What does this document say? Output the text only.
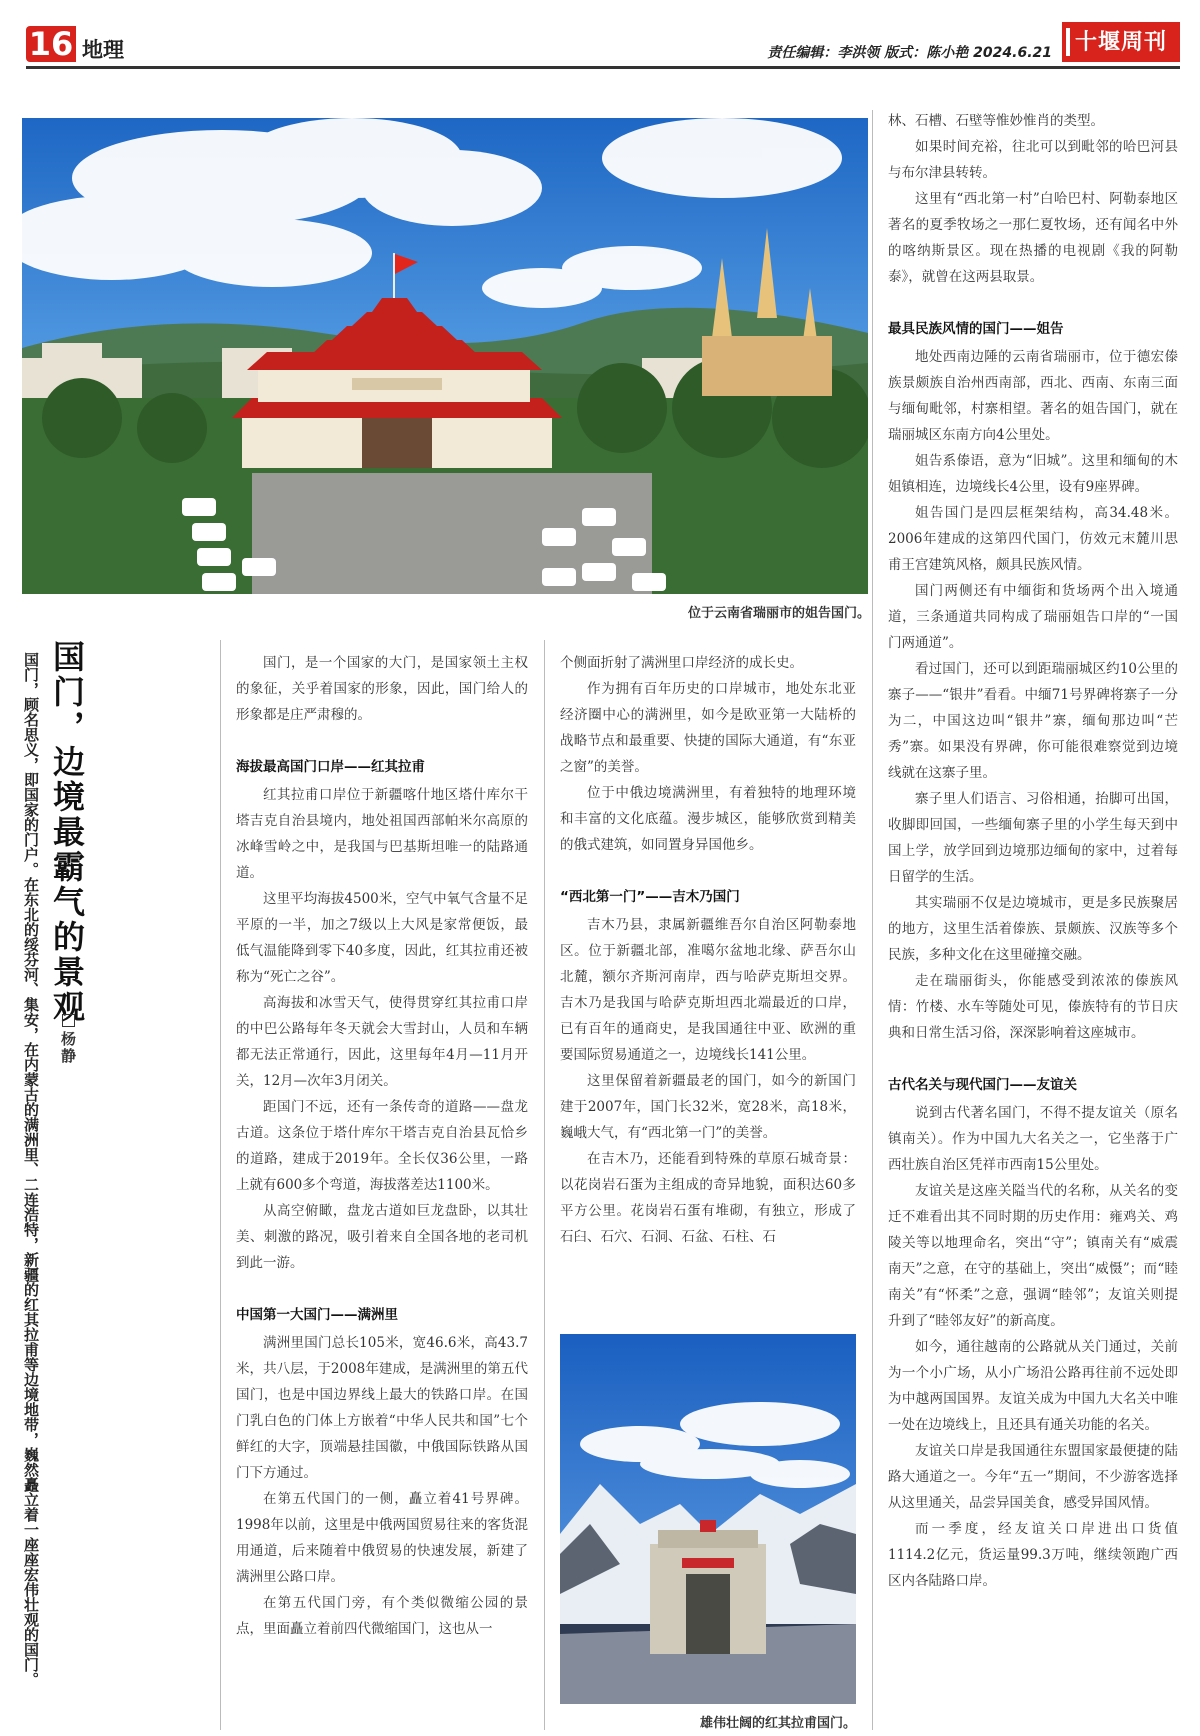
16 地理	责任编辑：李洪领 版式：陈小艳 2024.6.21	十堰周刊
位于云南省瑞丽市的姐告国门。
国门，边境最霸气的景观
杨静
国门，顾名思义，即国家的门户。在东北的绥芬河、集安，在内蒙古的满洲里、二连浩特，新疆的红其拉甫等边境地带，巍然矗立着一座座宏伟壮观的国门。	国门，是一个国家的大门，是国家领土主权的象征，关乎着国家的形象，因此，国门给人的形象都是庄严肃穆的。

海拔最高国门口岸——红其拉甫

红其拉甫口岸位于新疆喀什地区塔什库尔干塔吉克自治县境内，地处祖国西部帕米尔高原的冰峰雪岭之中，是我国与巴基斯坦唯一的陆路通道。

这里平均海拔4500米，空气中氧气含量不足平原的一半，加之7级以上大风是家常便饭，最低气温能降到零下40多度，因此，红其拉甫还被称为“死亡之谷”。

高海拔和冰雪天气，使得贯穿红其拉甫口岸的中巴公路每年冬天就会大雪封山，人员和车辆都无法正常通行，因此，这里每年4月—11月开关，12月—次年3月闭关。

距国门不远，还有一条传奇的道路——盘龙古道。这条位于塔什库尔干塔吉克自治县瓦恰乡的道路，建成于2019年。全长仅36公里，一路上就有600多个弯道，海拔落差达1100米。

从高空俯瞰，盘龙古道如巨龙盘卧，以其壮美、刺激的路况，吸引着来自全国各地的老司机到此一游。

中国第一大国门——满洲里

满洲里国门总长105米，宽46.6米，高43.7米，共八层，于2008年建成，是满洲里的第五代国门，也是中国边界线上最大的铁路口岸。在国门乳白色的门体上方嵌着“中华人民共和国”七个鲜红的大字，顶端悬挂国徽，中俄国际铁路从国门下方通过。

在第五代国门的一侧，矗立着41号界碑。1998年以前，这里是中俄两国贸易往来的客货混用通道，后来随着中俄贸易的快速发展，新建了满洲里公路口岸。

在第五代国门旁，有个类似微缩公园的景点，里面矗立着前四代微缩国门，这也从一

个侧面折射了满洲里口岸经济的成长史。

作为拥有百年历史的口岸城市，地处东北亚经济圈中心的满洲里，如今是欧亚第一大陆桥的战略节点和最重要、快捷的国际大通道，有“东亚之窗”的美誉。

位于中俄边境满洲里，有着独特的地理环境和丰富的文化底蕴。漫步城区，能够欣赏到精美的俄式建筑，如同置身异国他乡。

“西北第一门”——吉木乃国门

吉木乃县，隶属新疆维吾尔自治区阿勒泰地区。位于新疆北部，准噶尔盆地北缘、萨吾尔山北麓，额尔齐斯河南岸，西与哈萨克斯坦交界。吉木乃是我国与哈萨克斯坦西北端最近的口岸，已有百年的通商史，是我国通往中亚、欧洲的重要国际贸易通道之一，边境线长141公里。

这里保留着新疆最老的国门，如今的新国门建于2007年，国门长32米，宽28米，高18米，巍峨大气，有“西北第一门”的美誉。

在吉木乃，还能看到特殊的草原石城奇景：以花岗岩石蛋为主组成的奇异地貌，面积达60多平方公里。花岗岩石蛋有堆砌，有独立，形成了石臼、石穴、石洞、石盆、石柱、石

雄伟壮阔的红其拉甫国门。

林、石槽、石壁等惟妙惟肖的类型。

如果时间充裕，往北可以到毗邻的哈巴河县与布尔津县转转。

这里有“西北第一村”白哈巴村、阿勒泰地区著名的夏季牧场之一那仁夏牧场，还有闻名中外的喀纳斯景区。现在热播的电视剧《我的阿勒泰》，就曾在这两县取景。

最具民族风情的国门——姐告

地处西南边陲的云南省瑞丽市，位于德宏傣族景颇族自治州西南部，西北、西南、东南三面与缅甸毗邻，村寨相望。著名的姐告国门，就在瑞丽城区东南方向4公里处。

姐告系傣语，意为“旧城”。这里和缅甸的木姐镇相连，边境线长4公里，设有9座界碑。

姐告国门是四层框架结构，高34.48米。2006年建成的这第四代国门，仿效元末麓川思甫王宫建筑风格，颇具民族风情。

国门两侧还有中缅街和货场两个出入境通道，三条通道共同构成了瑞丽姐告口岸的“一国门两通道”。

看过国门，还可以到距瑞丽城区约10公里的寨子——“银井”看看。中缅71号界碑将寨子一分为二，中国这边叫“银井”寨，缅甸那边叫“芒秀”寨。如果没有界碑，你可能很难察觉到边境线就在这寨子里。

寨子里人们语言、习俗相通，抬脚可出国，收脚即回国，一些缅甸寨子里的小学生每天到中国上学，放学回到边境那边缅甸的家中，过着每日留学的生活。

其实瑞丽不仅是边境城市，更是多民族聚居的地方，这里生活着傣族、景颇族、汉族等多个民族，多种文化在这里碰撞交融。

走在瑞丽街头，你能感受到浓浓的傣族风情：竹楼、水车等随处可见，傣族特有的节日庆典和日常生活习俗，深深影响着这座城市。

古代名关与现代国门——友谊关

说到古代著名国门，不得不提友谊关（原名镇南关）。作为中国九大名关之一，它坐落于广西壮族自治区凭祥市西南15公里处。

友谊关是这座关隘当代的名称，从关名的变迁不难看出其不同时期的历史作用：雍鸡关、鸡陵关等以地理命名，突出“守”；镇南关有“威震南天”之意，在守的基础上，突出“威慑”；而“睦南关”有“怀柔”之意，强调“睦邻”；友谊关则提升到了“睦邻友好”的新高度。

如今，通往越南的公路就从关门通过，关前为一个小广场，从小广场沿公路再往前不远处即为中越两国国界。友谊关成为中国九大名关中唯一处在边境线上，且还具有通关功能的名关。

友谊关口岸是我国通往东盟国家最便捷的陆路大通道之一。今年“五一”期间，不少游客选择从这里通关，品尝异国美食，感受异国风情。

而一季度，经友谊关口岸进出口货值1114.2亿元，货运量99.3万吨，继续领跑广西区内各陆路口岸。
